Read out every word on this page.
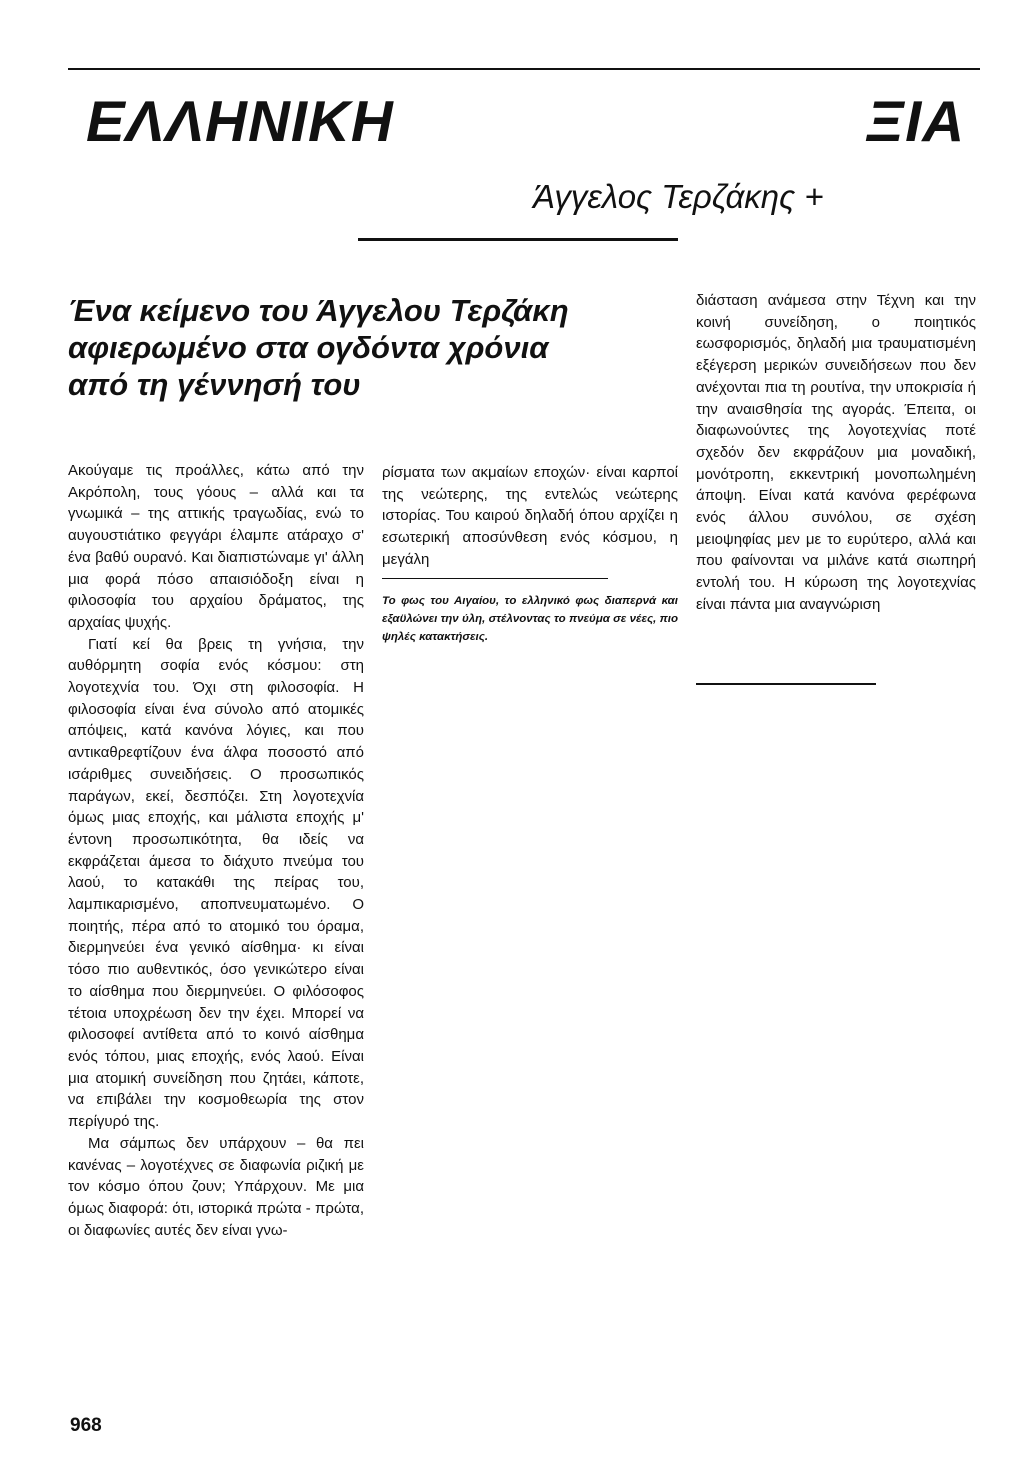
ΕΛΛΗΝΙΚΗ	ΞΙΑ
Άγγελος Τερζάκης +
Ένα κείμενο του Άγγελου Τερζάκη
αφιερωμένο στα ογδόντα χρόνια
από τη γέννησή του

Ακούγαμε τις προάλλες, κάτω από την Ακρόπολη, τους γόους – αλλά και τα γνωμικά – της αττικής τραγωδίας, ενώ το αυγουστιάτικο φεγγάρι έλαμπε ατάραχο σ' ένα βαθύ ουρανό. Και διαπιστώναμε γι' άλλη μια φορά πόσο απαισιόδοξη είναι η φιλοσοφία του αρχαίου δράματος, της αρχαίας ψυχής.

Γιατί κεί θα βρεις τη γνήσια, την αυθόρμητη σοφία ενός κόσμου: στη λογοτεχνία του. Όχι στη φιλοσοφία. Η φιλοσοφία είναι ένα σύνολο από ατομικές απόψεις, κατά κανόνα λόγιες, και που αντικαθρεφτίζουν ένα άλφα ποσοστό από ισάριθμες συνειδήσεις. Ο προσωπικός παράγων, εκεί, δεσπόζει. Στη λογοτεχνία όμως μιας εποχής, και μάλιστα εποχής μ' έντονη προσωπικότητα, θα ιδείς να εκφράζεται άμεσα το διάχυτο πνεύμα του λαού, το κατακάθι της πείρας του, λαμπικαρισμένο, αποπνευματωμένο. Ο ποιητής, πέρα από το ατομικό του όραμα, διερμηνεύει ένα γενικό αίσθημα· κι είναι τόσο πιο αυθεντικός, όσο γενικώτερο είναι το αίσθημα που διερμηνεύει. Ο φιλόσοφος τέτοια υποχρέωση δεν την έχει. Μπορεί να φιλοσοφεί αντίθετα από το κοινό αίσθημα ενός τόπου, μιας εποχής, ενός λαού. Είναι μια ατομική συνείδηση που ζητάει, κάποτε, να επιβάλει την κοσμοθεωρία της στον περίγυρό της.

Μα σάμπως δεν υπάρχουν – θα πει κανένας – λογοτέχνες σε διαφωνία ριζική με τον κόσμο όπου ζουν; Υπάρχουν. Με μια όμως διαφορά: ότι, ιστορικά πρώτα - πρώτα, οι διαφωνίες αυτές δεν είναι γνω-

ρίσματα των ακμαίων εποχών· είναι καρποί της νεώτερης, της εντελώς νεώτερης ιστορίας. Του καιρού δηλαδή όπου αρχίζει η εσωτερική αποσύνθεση ενός κόσμου, η μεγάλη
Το φως του Αιγαίου, το ελληνικό φως διαπερνά και εξαϋλώνει την ύλη, στέλνοντας το πνεύμα σε νέες, πιο ψηλές κατακτήσεις.
διάσταση ανάμεσα στην Τέχνη και την κοινή συνείδηση, ο ποιητικός εωσφορισμός, δηλαδή μια τραυματισμένη εξέγερση μερικών συνειδήσεων που δεν ανέχονται πια τη ρουτίνα, την υποκρισία ή την αναισθησία της αγοράς. Έπειτα, οι διαφωνούντες της λογοτεχνίας ποτέ σχεδόν δεν εκφράζουν μια μοναδική, μονότροπη, εκκεντρική μονοπωλημένη άποψη. Είναι κατά κανόνα φερέφωνα ενός άλλου συνόλου, σε σχέση μειοψηφίας μεν με το ευρύτερο, αλλά και που φαίνονται να μιλάνε κατά σιωπηρή εντολή του. Η κύρωση της λογοτεχνίας είναι πάντα μια αναγνώριση
968
